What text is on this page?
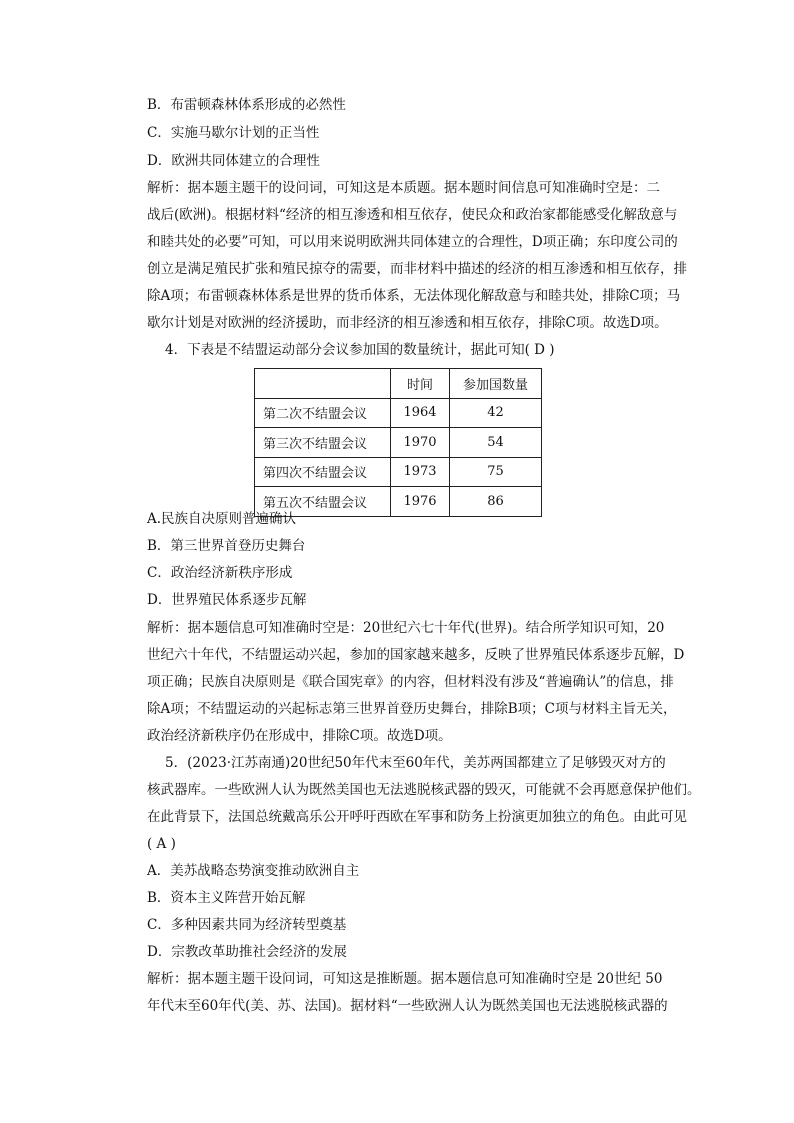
B．布雷顿森林体系形成的必然性
C．实施马歇尔计划的正当性
D．欧洲共同体建立的合理性
解析：据本题主题干的设问词，可知这是本质题。据本题时间信息可知准确时空是：二
战后(欧洲)。根据材料“经济的相互渗透和相互依存，使民众和政治家都能感受化解敌意与
和睦共处的必要”可知，可以用来说明欧洲共同体建立的合理性，D项正确；东印度公司的
创立是满足殖民扩张和殖民掠夺的需要，而非材料中描述的经济的相互渗透和相互依存，排
除A项；布雷顿森林体系是世界的货币体系，无法体现化解敌意与和睦共处，排除C项；马
歇尔计划是对欧洲的经济援助，而非经济的相互渗透和相互依存，排除C项。故选D项。
4．下表是不结盟运动部分会议参加国的数量统计，据此可知( D )
	时间	参加国数量
第二次不结盟会议	1964	42
第三次不结盟会议	1970	54
第四次不结盟会议	1973	75
第五次不结盟会议	1976	86
A.民族自决原则普遍确认
B．第三世界首登历史舞台
C．政治经济新秩序形成
D．世界殖民体系逐步瓦解
解析：据本题信息可知准确时空是：20世纪六七十年代(世界)。结合所学知识可知，20
世纪六十年代，不结盟运动兴起，参加的国家越来越多，反映了世界殖民体系逐步瓦解，D
项正确；民族自决原则是《联合国宪章》的内容，但材料没有涉及“普遍确认”的信息，排
除A项；不结盟运动的兴起标志第三世界首登历史舞台，排除B项；C项与材料主旨无关，
政治经济新秩序仍在形成中，排除C项。故选D项。
5．(2023·江苏南通)20世纪50年代末至60年代，美苏两国都建立了足够毁灭对方的
核武器库。一些欧洲人认为既然美国也无法逃脱核武器的毁灭，可能就不会再愿意保护他们。
在此背景下，法国总统戴高乐公开呼吁西欧在军事和防务上扮演更加独立的角色。由此可见
( A )
A．美苏战略态势演变推动欧洲自主
B．资本主义阵营开始瓦解
C．多种因素共同为经济转型奠基
D．宗教改革助推社会经济的发展
解析：据本题主题干设问词，可知这是推断题。据本题信息可知准确时空是 20世纪 50
年代末至60年代(美、苏、法国)。据材料“一些欧洲人认为既然美国也无法逃脱核武器的
